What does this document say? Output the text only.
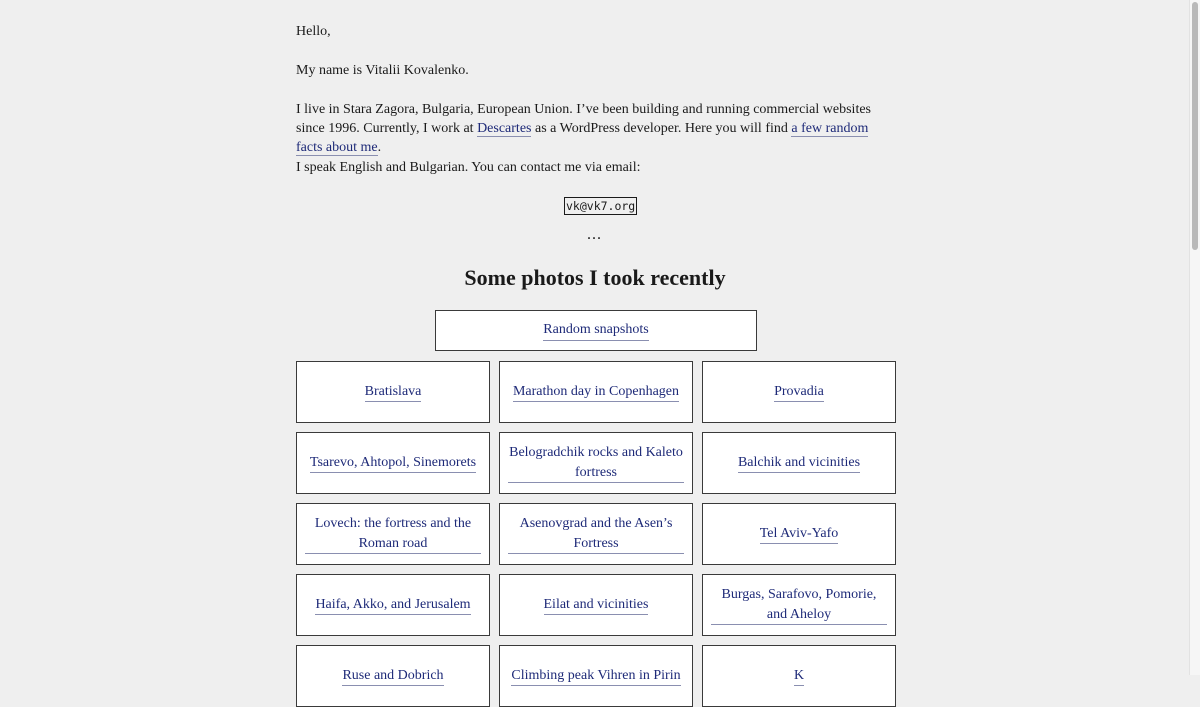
Hello,

My name is Vitalii Kovalenko.

I live in Stara Zagora, Bulgaria, European Union. I’ve been building and running commercial websites since 1996. Currently, I work at Descartes as a WordPress developer. Here you will find a few random facts about me.

I speak English and Bulgarian. You can contact me via email:

vk@vk7.org
...
Some photos I took recently
Random snapshots
Bratislava	Marathon day in Copenhagen	Provadia
Tsarevo, Ahtopol, Sinemorets
Belogradchik rocks and Kaleto fortress
Balchik and vicinities
Lovech: the fortress and the Roman road
Asenovgrad and the Asen’s Fortress
Tel Aviv-Yafo
Haifa, Akko, and Jerusalem	Eilat and vicinities
Burgas, Sarafovo, Pomorie, and Aheloy
Ruse and Dobrich	Climbing peak Vihren in Pirin	K
